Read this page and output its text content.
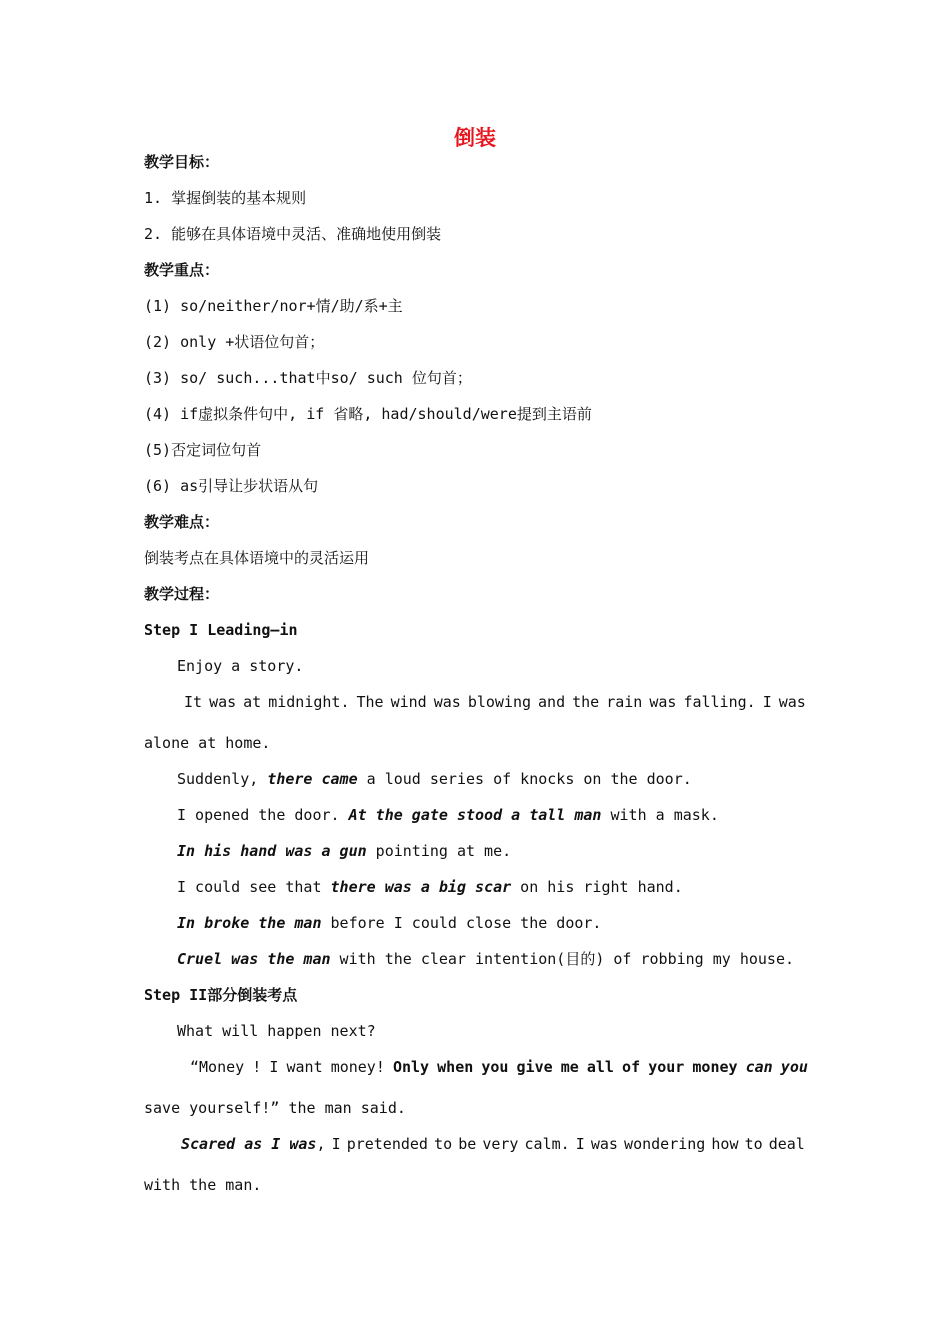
倒装
教学目标：
1. 掌握倒装的基本规则
2. 能够在具体语境中灵活、准确地使用倒装
教学重点：
(1) so/neither/nor+情/助/系+主
(2) only +状语位句首；
(3) so/ such...that中so/ such 位句首；
(4) if虚拟条件句中, if 省略, had/should/were提到主语前
(5)否定词位句首
(6) as引导让步状语从句
教学难点：
倒装考点在具体语境中的灵活运用
教学过程：
Step I Leading—in
Enjoy a story.
It was at midnight. The wind was blowing and the rain was falling. I was
alone at home.
Suddenly, there came a loud series of knocks on the door.
I opened the door. At the gate stood a tall man with a mask.
In his hand was a gun pointing at me.
I could see that there was a big scar on his right hand.
In broke the man before I could close the door.
Cruel was the man with the clear intention(目的) of robbing my house.
Step II部分倒装考点
What will happen next?
“Money ! I want money! Only when you give me all of your money can you
save yourself!” the man said.
Scared as I was, I pretended to be very calm. I was wondering how to deal
with the man.
